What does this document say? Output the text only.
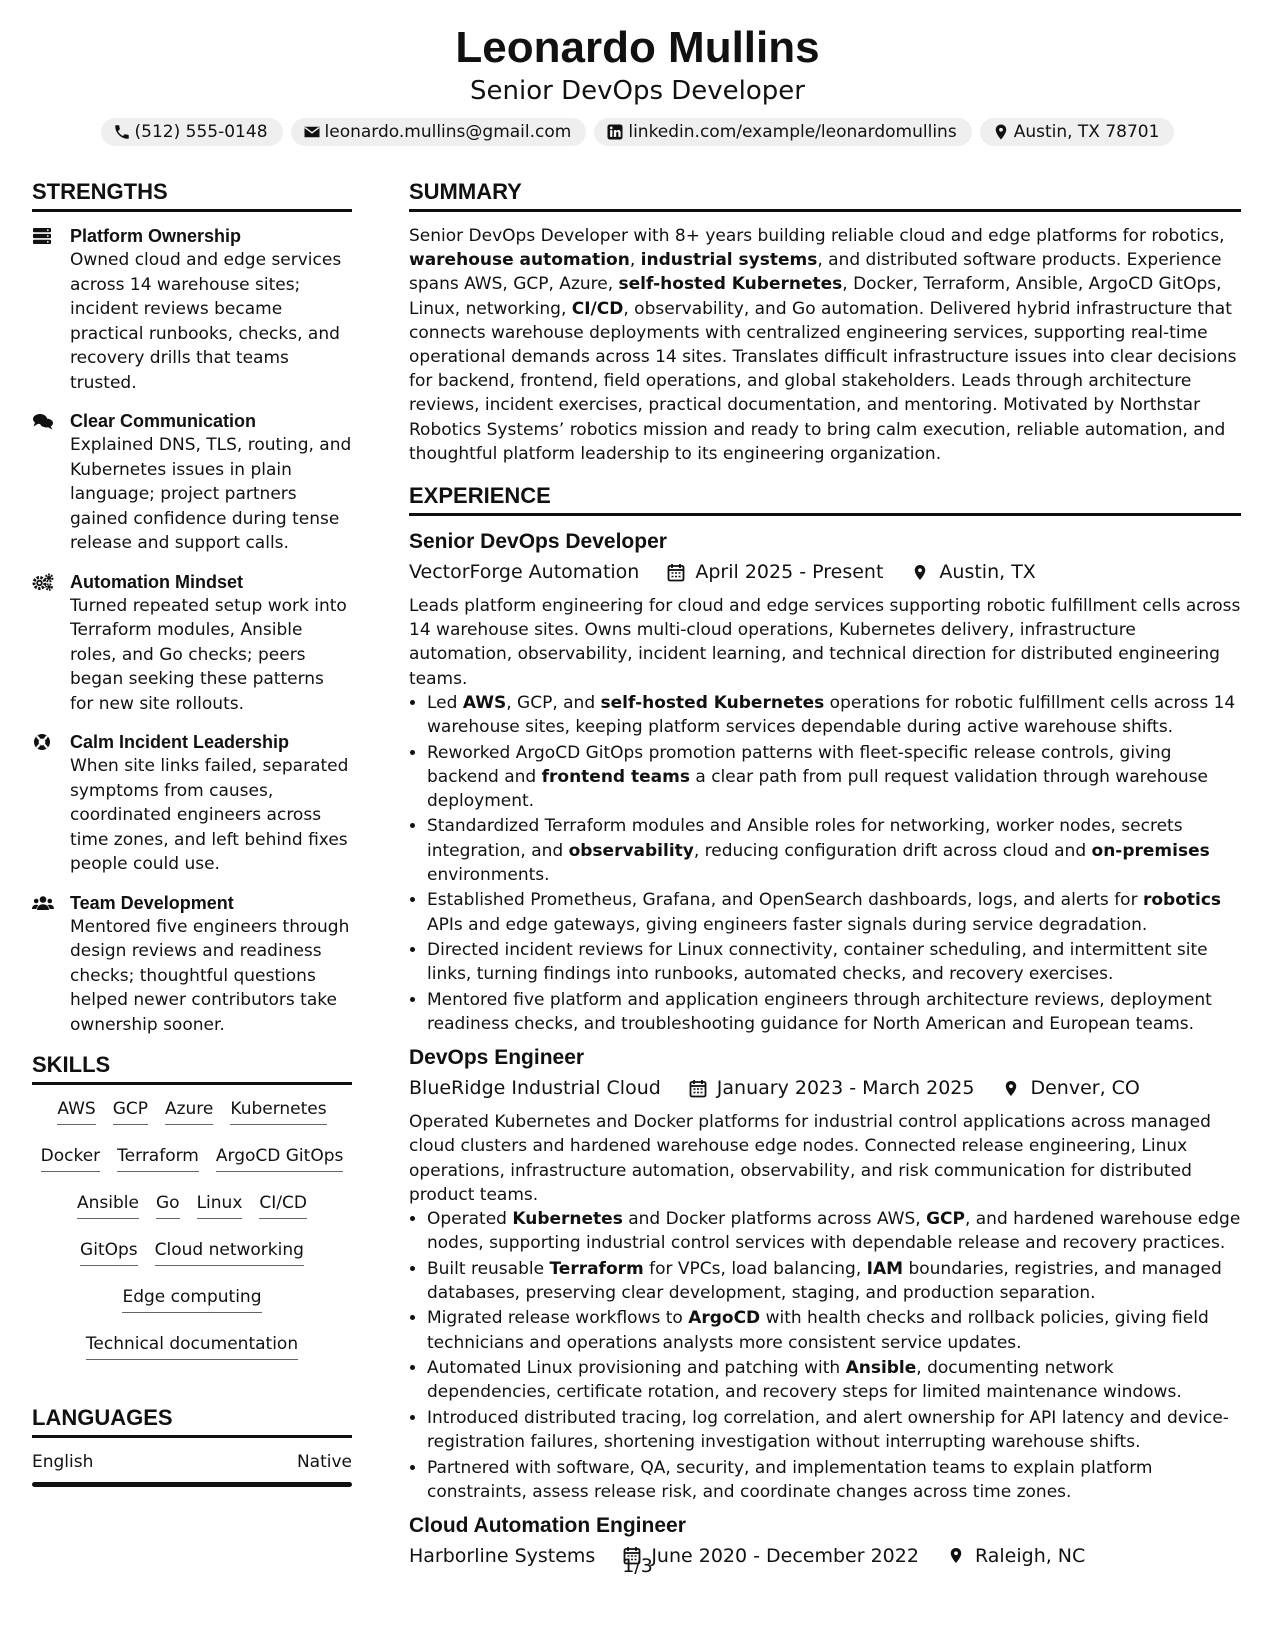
Leonardo Mullins
Senior DevOps Developer
(512) 555-0148	leonardo.mullins@gmail.com	linkedin.com/example/leonardomullins	Austin, TX 78701
STRENGTHS
Platform Ownership
Owned cloud and edge services across 14 warehouse sites; incident reviews became practical runbooks, checks, and recovery drills that teams trusted.
Clear Communication
Explained DNS, TLS, routing, and Kubernetes issues in plain language; project partners gained confidence during tense release and support calls.
Automation Mindset
Turned repeated setup work into Terraform modules, Ansible roles, and Go checks; peers began seeking these patterns for new site rollouts.
Calm Incident Leadership
When site links failed, separated symptoms from causes, coordinated engineers across time zones, and left behind fixes people could use.
Team Development
Mentored five engineers through design reviews and readiness checks; thoughtful questions helped newer contributors take ownership sooner.
SKILLS
AWS GCP Azure Kubernetes
Docker Terraform ArgoCD GitOps
Ansible Go Linux CI/CD
GitOps Cloud networking
Edge computing
Technical documentation
LANGUAGES
English	Native
SUMMARY
Senior DevOps Developer with 8+ years building reliable cloud and edge platforms for robotics, warehouse automation, industrial systems, and distributed software products. Experience spans AWS, GCP, Azure, self-hosted Kubernetes, Docker, Terraform, Ansible, ArgoCD GitOps, Linux, networking, CI/CD, observability, and Go automation. Delivered hybrid infrastructure that connects warehouse deployments with centralized engineering services, supporting real-time operational demands across 14 sites. Translates difficult infrastructure issues into clear decisions for backend, frontend, field operations, and global stakeholders. Leads through architecture reviews, incident exercises, practical documentation, and mentoring. Motivated by Northstar Robotics Systems’ robotics mission and ready to bring calm execution, reliable automation, and thoughtful platform leadership to its engineering organization.
EXPERIENCE
Senior DevOps Developer
VectorForge Automation	April 2025 - Present	Austin, TX
Leads platform engineering for cloud and edge services supporting robotic fulfillment cells across 14 warehouse sites. Owns multi-cloud operations, Kubernetes delivery, infrastructure automation, observability, incident learning, and technical direction for distributed engineering teams.
• Led AWS, GCP, and self-hosted Kubernetes operations for robotic fulfillment cells across 14 warehouse sites, keeping platform services dependable during active warehouse shifts.
• Reworked ArgoCD GitOps promotion patterns with fleet-specific release controls, giving backend and frontend teams a clear path from pull request validation through warehouse deployment.
• Standardized Terraform modules and Ansible roles for networking, worker nodes, secrets integration, and observability, reducing configuration drift across cloud and on-premises environments.
• Established Prometheus, Grafana, and OpenSearch dashboards, logs, and alerts for robotics APIs and edge gateways, giving engineers faster signals during service degradation.
• Directed incident reviews for Linux connectivity, container scheduling, and intermittent site links, turning findings into runbooks, automated checks, and recovery exercises.
• Mentored five platform and application engineers through architecture reviews, deployment readiness checks, and troubleshooting guidance for North American and European teams.
DevOps Engineer
BlueRidge Industrial Cloud	January 2023 - March 2025	Denver, CO
Operated Kubernetes and Docker platforms for industrial control applications across managed cloud clusters and hardened warehouse edge nodes. Connected release engineering, Linux operations, infrastructure automation, observability, and risk communication for distributed product teams.
• Operated Kubernetes and Docker platforms across AWS, GCP, and hardened warehouse edge nodes, supporting industrial control services with dependable release and recovery practices.
• Built reusable Terraform for VPCs, load balancing, IAM boundaries, registries, and managed databases, preserving clear development, staging, and production separation.
• Migrated release workflows to ArgoCD with health checks and rollback policies, giving field technicians and operations analysts more consistent service updates.
• Automated Linux provisioning and patching with Ansible, documenting network dependencies, certificate rotation, and recovery steps for limited maintenance windows.
• Introduced distributed tracing, log correlation, and alert ownership for API latency and device-registration failures, shortening investigation without interrupting warehouse shifts.
• Partnered with software, QA, security, and implementation teams to explain platform constraints, assess release risk, and coordinate changes across time zones.
Cloud Automation Engineer
Harborline Systems	June 2020 - December 2022	Raleigh, NC
1/3
